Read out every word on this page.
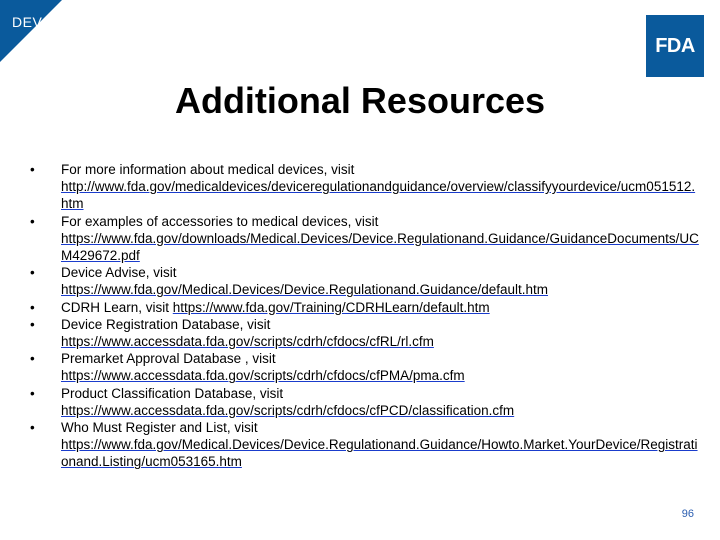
DEV
FDA
Additional Resources
•	For more information about medical devices, visit
http://www.fda.gov/medicaldevices/deviceregulationandguidance/overview/classifyyourdevice/ucm051512.htm
•	For examples of accessories to medical devices, visit
https://www.fda.gov/downloads/Medical.Devices/Device.Regulationand.Guidance/GuidanceDocuments/UCM429672.pdf
•	Device Advise, visit
https://www.fda.gov/Medical.Devices/Device.Regulationand.Guidance/default.htm
•	CDRH Learn, visit https://www.fda.gov/Training/CDRHLearn/default.htm
•	Device Registration Database, visit
https://www.accessdata.fda.gov/scripts/cdrh/cfdocs/cfRL/rl.cfm
•	Premarket Approval Database , visit
https://www.accessdata.fda.gov/scripts/cdrh/cfdocs/cfPMA/pma.cfm
•	Product Classification Database, visit
https://www.accessdata.fda.gov/scripts/cdrh/cfdocs/cfPCD/classification.cfm
•	Who Must Register and List, visit
https://www.fda.gov/Medical.Devices/Device.Regulationand.Guidance/Howto.Market.YourDevice/Registrationand.Listing/ucm053165.htm
96
